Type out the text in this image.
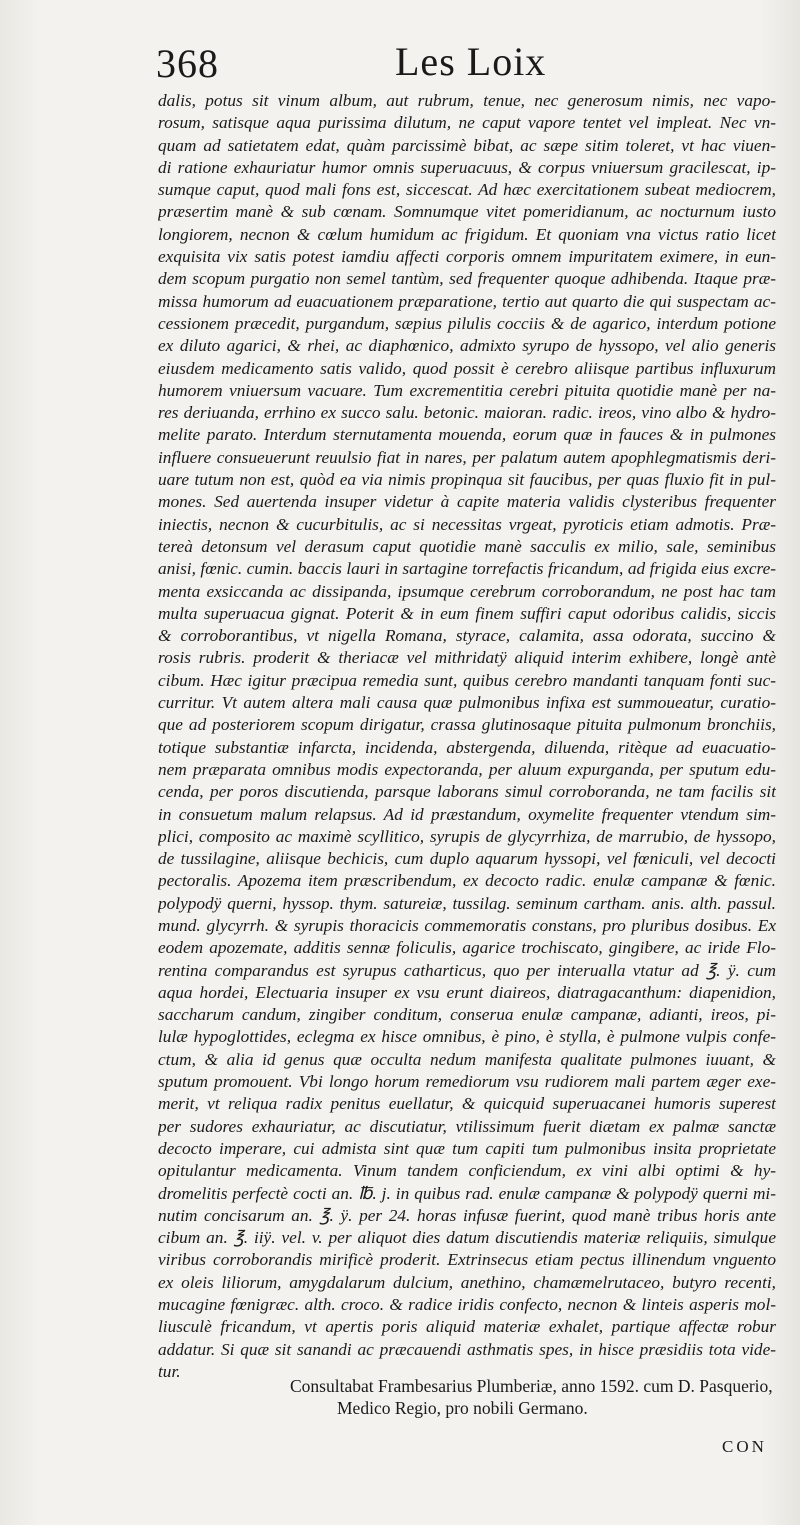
368	Les Loix
dalis, potus sit vinum album, aut rubrum, tenue, nec generosum nimis, nec vapo-
rosum, satisque aqua purissima dilutum, ne caput vapore tentet vel impleat. Nec vn-
quam ad satietatem edat, quàm parcissimè bibat, ac sæpe sitim toleret, vt hac viuen-
di ratione exhauriatur humor omnis superuacuus, & corpus vniuersum gracilescat, ip-
sumque caput, quod mali fons est, siccescat. Ad hæc exercitationem subeat mediocrem,
præsertim manè & sub cœnam. Somnumque vitet pomeridianum, ac nocturnum iusto
longiorem, necnon & cœlum humidum ac frigidum. Et quoniam vna victus ratio licet
exquisita vix satis potest iamdiu affecti corporis omnem impuritatem eximere, in eun-
dem scopum purgatio non semel tantùm, sed frequenter quoque adhibenda. Itaque præ-
missa humorum ad euacuationem præparatione, tertio aut quarto die qui suspectam ac-
cessionem præcedit, purgandum, sæpius pilulis cocciis & de agarico, interdum potione
ex diluto agarici, & rhei, ac diaphœnico, admixto syrupo de hyssopo, vel alio generis
eiusdem medicamento satis valido, quod possit è cerebro aliisque partibus influxurum
humorem vniuersum vacuare. Tum excrementitia cerebri pituita quotidie manè per na-
res deriuanda, errhino ex succo salu. betonic. maioran. radic. ireos, vino albo & hydro-
melite parato. Interdum sternutamenta mouenda, eorum quæ in fauces & in pulmones
influere consueuerunt reuulsio fiat in nares, per palatum autem apophlegmatismis deri-
uare tutum non est, quòd ea via nimis propinqua sit faucibus, per quas fluxio fit in pul-
mones. Sed auertenda insuper videtur à capite materia validis clysteribus frequenter
iniectis, necnon & cucurbitulis, ac si necessitas vrgeat, pyroticis etiam admotis. Præ-
tereà detonsum vel derasum caput quotidie manè sacculis ex milio, sale, seminibus
anisi, fœnic. cumin. baccis lauri in sartagine torrefactis fricandum, ad frigida eius excre-
menta exsiccanda ac dissipanda, ipsumque cerebrum corroborandum, ne post hac tam
multa superuacua gignat. Poterit & in eum finem suffiri caput odoribus calidis, siccis
& corroborantibus, vt nigella Romana, styrace, calamita, assa odorata, succino &
rosis rubris. proderit & theriacæ vel mithridatÿ aliquid interim exhibere, longè antè
cibum. Hæc igitur præcipua remedia sunt, quibus cerebro mandanti tanquam fonti suc-
curritur. Vt autem altera mali causa quæ pulmonibus infixa est summoueatur, curatio-
que ad posteriorem scopum dirigatur, crassa glutinosaque pituita pulmonum bronchiis,
totique substantiæ infarcta, incidenda, abstergenda, diluenda, ritèque ad euacuatio-
nem præparata omnibus modis expectoranda, per aluum expurganda, per sputum edu-
cenda, per poros discutienda, parsque laborans simul corroboranda, ne tam facilis sit
in consuetum malum relapsus. Ad id præstandum, oxymelite frequenter vtendum sim-
plici, composito ac maximè scyllitico, syrupis de glycyrrhiza, de marrubio, de hyssopo,
de tussilagine, aliisque bechicis, cum duplo aquarum hyssopi, vel fœniculi, vel decocti
pectoralis. Apozema item præscribendum, ex decocto radic. enulæ campanæ & fœnic.
polypodÿ querni, hyssop. thym. satureiæ, tussilag. seminum cartham. anis. alth. passul.
mund. glycyrrh. & syrupis thoracicis commemoratis constans, pro pluribus dosibus. Ex
eodem apozemate, additis sennæ foliculis, agarice trochiscato, gingibere, ac iride Flo-
rentina comparandus est syrupus catharticus, quo per interualla vtatur ad ℥. ÿ. cum
aqua hordei, Electuaria insuper ex vsu erunt diaireos, diatragacanthum: diapenidion,
saccharum candum, zingiber conditum, conserua enulæ campanæ, adianti, ireos, pi-
lulæ hypoglottides, eclegma ex hisce omnibus, è pino, è stylla, è pulmone vulpis confe-
ctum, & alia id genus quæ occulta nedum manifesta qualitate pulmones iuuant, &
sputum promouent. Vbi longo horum remediorum vsu rudiorem mali partem æger exe-
merit, vt reliqua radix penitus euellatur, & quicquid superuacanei humoris superest
per sudores exhauriatur, ac discutiatur, vtilissimum fuerit diætam ex palmæ sanctæ
decocto imperare, cui admista sint quæ tum capiti tum pulmonibus insita proprietate
opitulantur medicamenta. Vinum tandem conficiendum, ex vini albi optimi & hy-
dromelitis perfectè cocti an. ℔. j. in quibus rad. enulæ campanæ & polypodÿ querni mi-
nutim concisarum an. ℥. ÿ. per 24. horas infusæ fuerint, quod manè tribus horis ante
cibum an. ℥. iiÿ. vel. v. per aliquot dies datum discutiendis materiæ reliquiis, simulque
viribus corroborandis mirificè proderit. Extrinsecus etiam pectus illinendum vnguento
ex oleis liliorum, amygdalarum dulcium, anethino, chamæmelrutaceo, butyro recenti,
mucagine fœnigræc. alth. croco. & radice iridis confecto, necnon & linteis asperis mol-
liusculè fricandum, vt apertis poris aliquid materiæ exhalet, partique affectæ robur
addatur. Si quæ sit sanandi ac præcauendi asthmatis spes, in hisce præsidiis tota vide-
tur.
Consultabat Frambesarius Plumberiæ, anno 1592. cum D. Pasquerio,
Medico Regio, pro nobili Germano.
CON
